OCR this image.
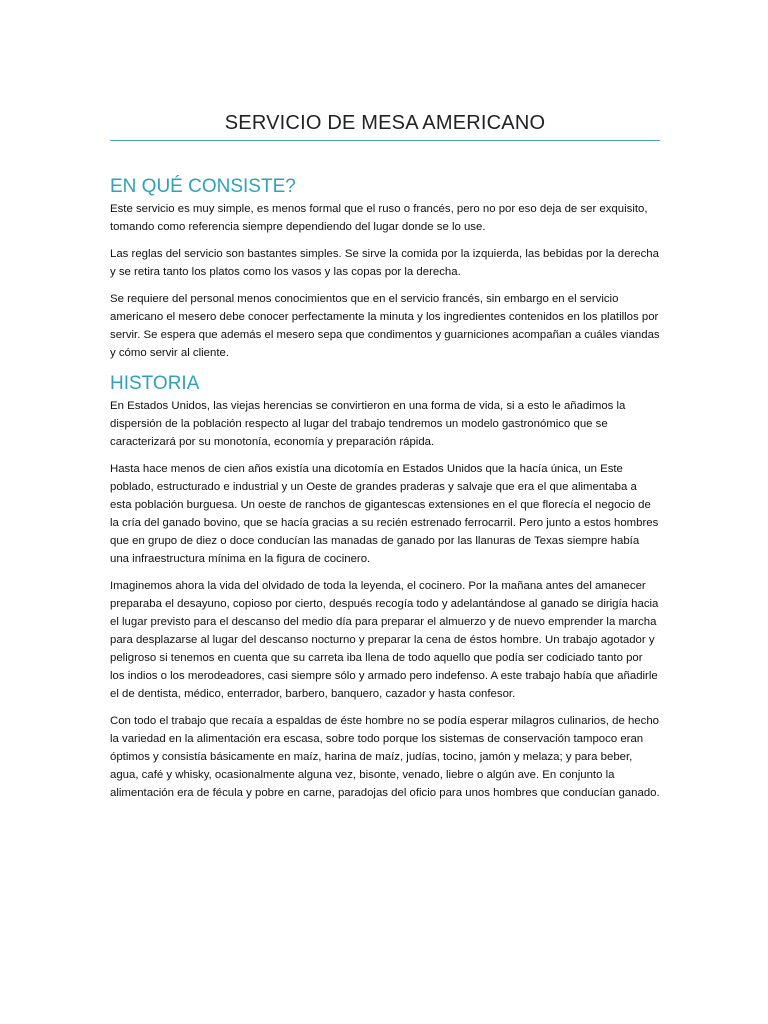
SERVICIO DE MESA AMERICANO
EN QUÉ CONSISTE?

Este servicio es muy simple, es menos formal que el ruso o francés, pero no por eso deja de ser exquisito, tomando como referencia siempre dependiendo del lugar donde se lo use.

Las reglas del servicio son bastantes simples. Se sirve la comida por la izquierda, las bebidas por la derecha y se retira tanto los platos como los vasos y las copas por la derecha.

Se requiere del personal menos conocimientos que en el servicio francés, sin embargo en el servicio americano el mesero debe conocer perfectamente la minuta y los ingredientes contenidos en los platillos por servir. Se espera que además el mesero sepa que condimentos y guarniciones acompañan a cuáles viandas y cómo servir al cliente.

HISTORIA

En Estados Unidos, las viejas herencias se convirtieron en una forma de vida, si a esto le añadimos la dispersión de la población respecto al lugar del trabajo tendremos un modelo gastronómico que se caracterizará por su monotonía, economía y preparación rápida.

Hasta hace menos de cien años existía una dicotomía en Estados Unidos que la hacía única, un Este poblado, estructurado e industrial y un Oeste de grandes praderas y salvaje que era el que alimentaba a esta población burguesa. Un oeste de ranchos de gigantescas extensiones en el que florecía el negocio de la cría del ganado bovino, que se hacía gracias a su recién estrenado ferrocarril. Pero junto a estos hombres que en grupo de diez o doce conducían las manadas de ganado por las llanuras de Texas siempre había una infraestructura mínima en la figura de cocinero.

Imaginemos ahora la vida del olvidado de toda la leyenda, el cocinero. Por la mañana antes del amanecer preparaba el desayuno, copioso por cierto, después recogía todo y adelantándose al ganado se dirigía hacia el lugar previsto para el descanso del medio día para preparar el almuerzo y de nuevo emprender la marcha para desplazarse al lugar del descanso nocturno y preparar la cena de éstos hombre. Un trabajo agotador y peligroso si tenemos en cuenta que su carreta iba llena de todo aquello que podía ser codiciado tanto por los indios o los merodeadores, casi siempre sólo y armado pero indefenso. A este trabajo había que añadirle el de dentista, médico, enterrador, barbero, banquero, cazador y hasta confesor.

Con todo el trabajo que recaía a espaldas de éste hombre no se podía esperar milagros culinarios, de hecho la variedad en la alimentación era escasa, sobre todo porque los sistemas de conservación tampoco eran óptimos y consistía básicamente en maíz, harina de maíz, judías, tocino, jamón y melaza; y para beber, agua, café y whisky, ocasionalmente alguna vez, bisonte, venado, liebre o algún ave. En conjunto la alimentación era de fécula y pobre en carne, paradojas del oficio para unos hombres que conducían ganado.
